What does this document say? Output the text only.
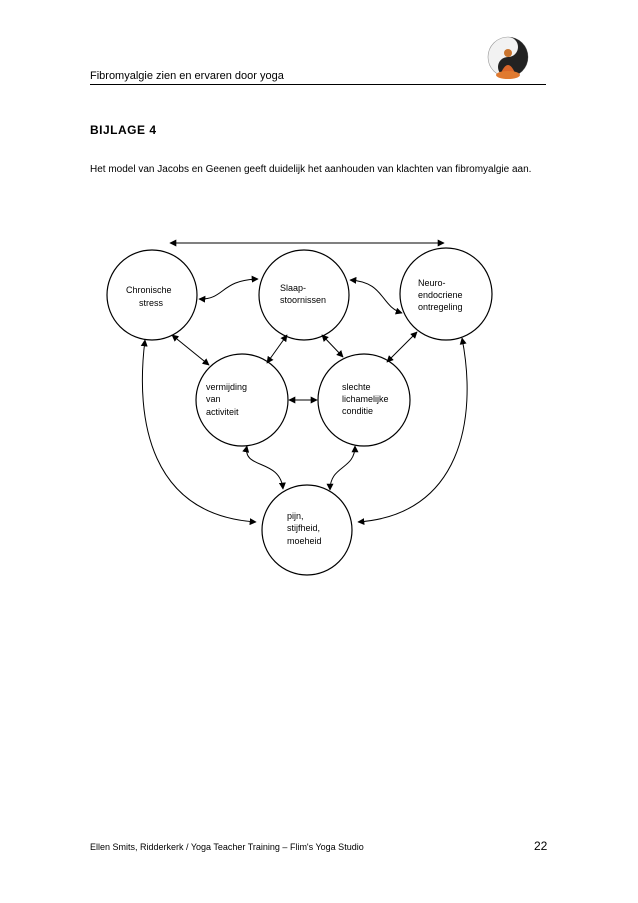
Fibromyalgie zien en ervaren door yoga
BIJLAGE 4
Het model van Jacobs en Geenen geeft duidelijk het aanhouden van klachten van fibromyalgie aan.
Chronische stress
Slaap- stoornissen
Neuro- endocriene ontregeling
vermijding van activiteit
slechte lichamelijke conditie
pijn, stijfheid, moeheid
Ellen Smits, Ridderkerk / Yoga Teacher Training – Flim's Yoga Studio	22
